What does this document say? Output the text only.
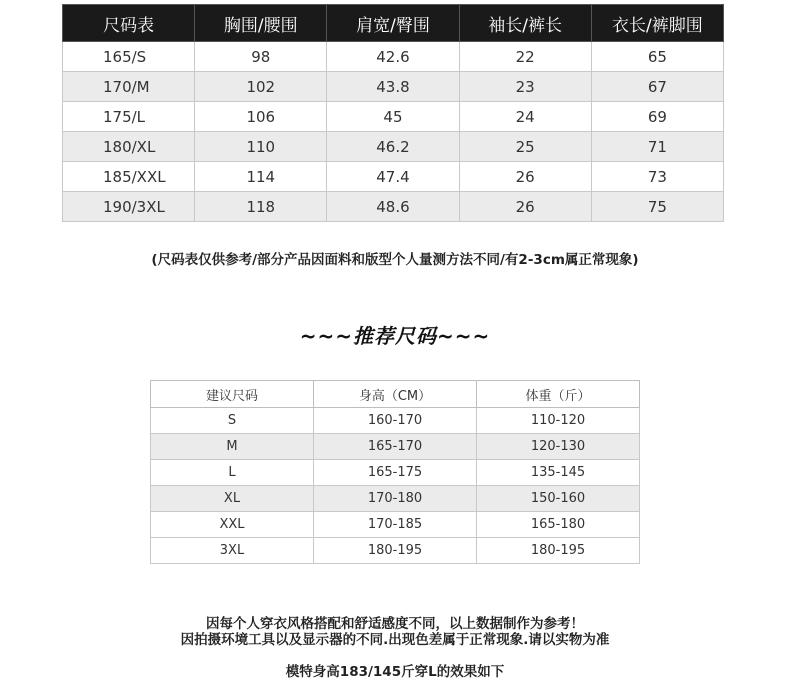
尺码表	胸围/腰围	肩宽/臀围	袖长/裤长	衣长/裤脚围
165/S	98	42.6	22	65
170/M	102	43.8	23	67
175/L	106	45	24	69
180/XL	110	46.2	25	71
185/XXL	114	47.4	26	73
190/3XL	118	48.6	26	75
(尺码表仅供参考/部分产品因面料和版型个人量测方法不同/有2-3cm属正常现象)
~~~推荐尺码~~~
建议尺码	身高（CM）	体重（斤）
S	160-170	110-120
M	165-170	120-130
L	165-175	135-145
XL	170-180	150-160
XXL	170-185	165-180
3XL	180-195	180-195
因每个人穿衣风格搭配和舒适感度不同，以上数据制作为参考！
因拍摄环境工具以及显示器的不同.出现色差属于正常现象.请以实物为准
模特身高183/145斤穿L的效果如下
